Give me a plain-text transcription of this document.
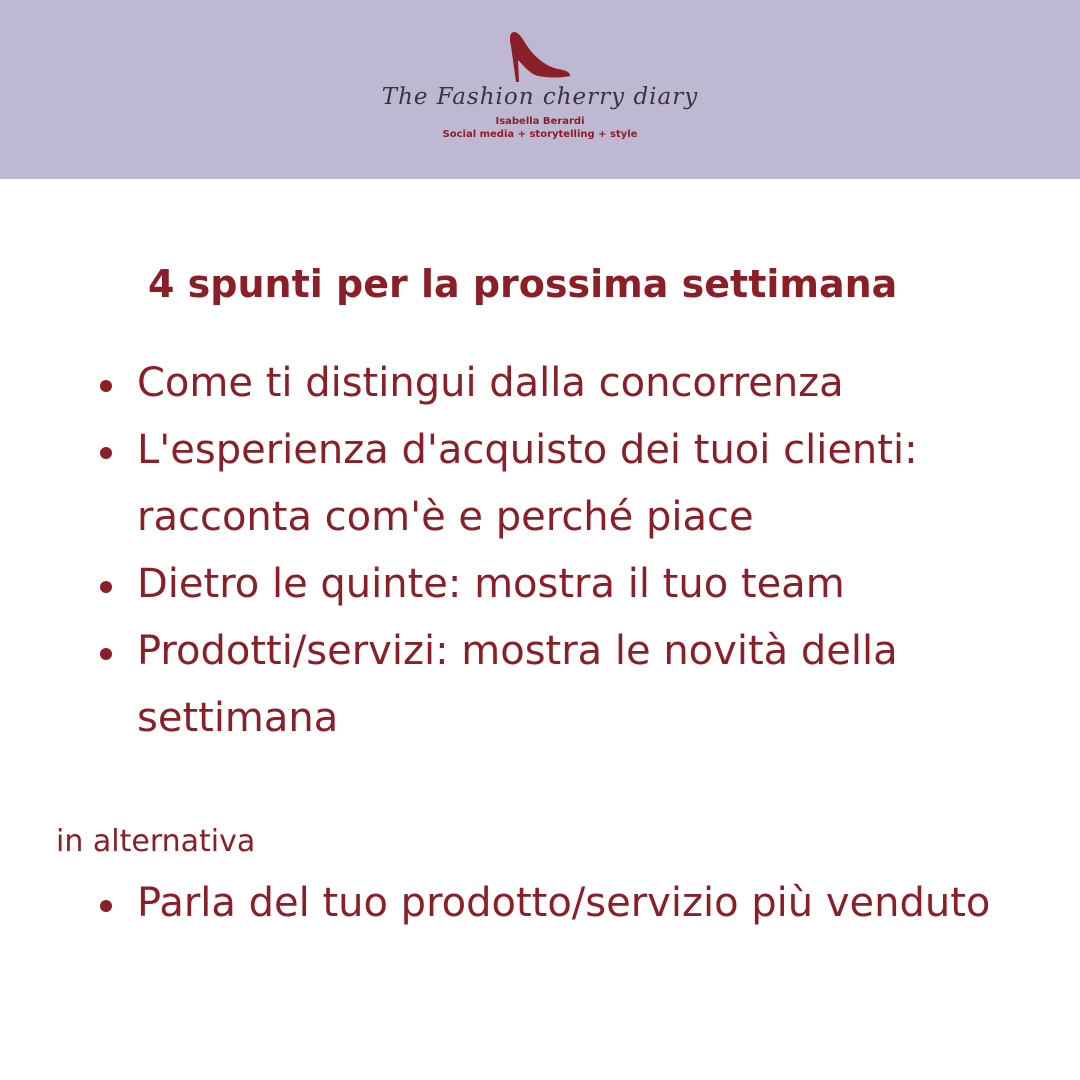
The Fashion cherry diary
Isabella Berardi
Social media + storytelling + style
4 spunti per la prossima settimana
Come ti distingui dalla concorrenza
L'esperienza d'acquisto dei tuoi clienti: racconta com'è e perché piace
Dietro le quinte: mostra il tuo team
Prodotti/servizi: mostra le novità della settimana
in alternativa
Parla del tuo prodotto/servizio più venduto
